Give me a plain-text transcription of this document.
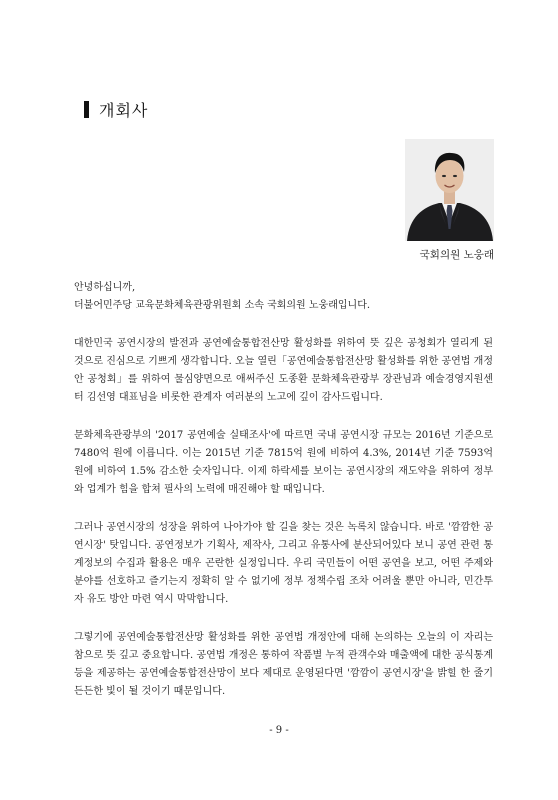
개회사
국회의원 노웅래

안녕하십니까,
더불어민주당 교육문화체육관광위원회 소속 국회의원 노웅래입니다.

대한민국 공연시장의 발전과 공연예술통합전산망 활성화를 위하여 뜻 깊은 공청회가 열리게 된 것으로 진심으로 기쁘게 생각합니다. 오늘 열린「공연예술통합전산망 활성화를 위한 공연법 개정안 공청회」를 위하여 물심양면으로 애써주신 도종환 문화체육관광부 장관님과 예술경영지원센터 김선영 대표님을 비롯한 관계자 여러분의 노고에 깊이 감사드립니다.

문화체육관광부의 '2017 공연예술 실태조사'에 따르면 국내 공연시장 규모는 2016년 기준으로 7480억 원에 이릅니다. 이는 2015년 기준 7815억 원에 비하여 4.3%, 2014년 기준 7593억 원에 비하여 1.5% 감소한 숫자입니다. 이제 하락세를 보이는 공연시장의 재도약을 위하여 정부와 업계가 힘을 합쳐 필사의 노력에 매진해야 할 때입니다.

그러나 공연시장의 성장을 위하여 나아가야 할 길을 찾는 것은 녹록치 않습니다. 바로 '깜깜한 공연시장' 탓입니다. 공연정보가 기획사, 제작사, 그리고 유통사에 분산되어있다 보니 공연 관련 통계정보의 수집과 활용은 매우 곤란한 실정입니다. 우리 국민들이 어떤 공연을 보고, 어떤 주제와 분야를 선호하고 즐기는지 정확히 알 수 없기에 정부 정책수립 조차 어려울 뿐만 아니라, 민간투자 유도 방안 마련 역시 막막합니다.

그렇기에 공연예술통합전산망 활성화를 위한 공연법 개정안에 대해 논의하는 오늘의 이 자리는 참으로 뜻 깊고 중요합니다. 공연법 개정은 통하여 작품별 누적 관객수와 매출액에 대한 공식통계 등을 제공하는 공연예술통합전산망이 보다 제대로 운영된다면 '깜깜이 공연시장'을 밝힐 한 줄기 든든한 빛이 될 것이기 때문입니다.

- 9 -
